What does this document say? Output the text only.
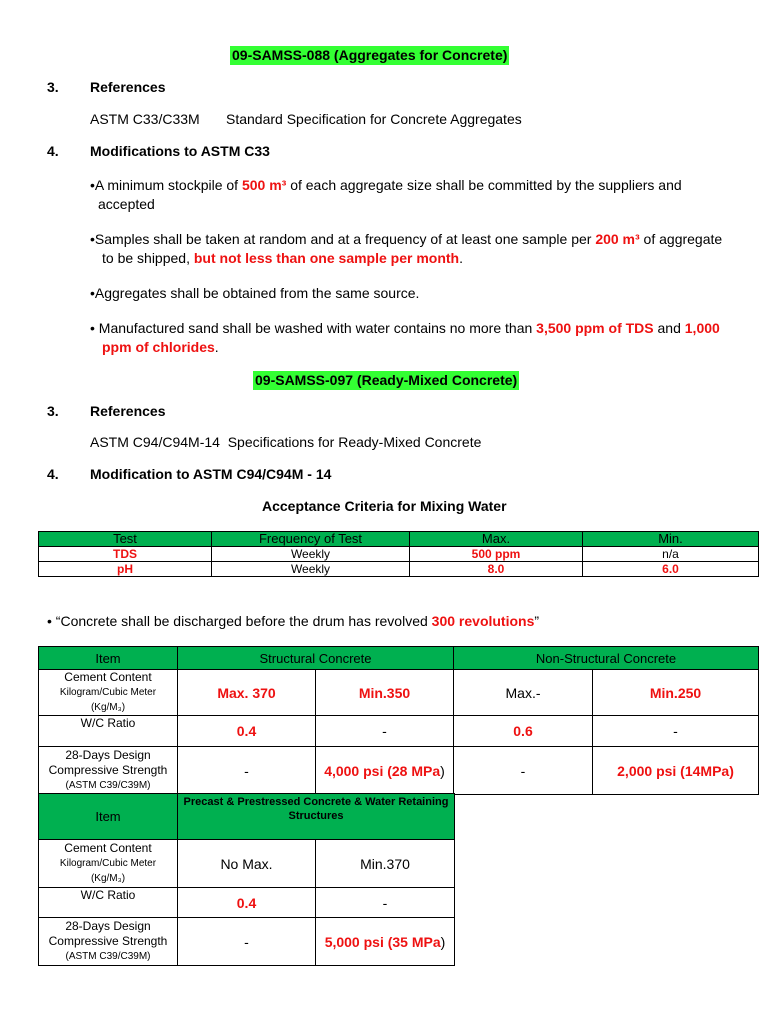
09-SAMSS-088 (Aggregates for Concrete)
3. References
ASTM C33/C33M Standard Specification for Concrete Aggregates
4. Modifications to ASTM C33
•A minimum stockpile of 500 m³ of each aggregate size shall be committed by the suppliers and
accepted
•Samples shall be taken at random and at a frequency of at least one sample per 200 m³ of aggregate
to be shipped, but not less than one sample per month.
•Aggregates shall be obtained from the same source.
• Manufactured sand shall be washed with water contains no more than 3,500 ppm of TDS and 1,000
ppm of chlorides.
09-SAMSS-097 (Ready-Mixed Concrete)
3. References
ASTM C94/C94M-14  Specifications for Ready-Mixed Concrete
4. Modification to ASTM C94/C94M - 14
Acceptance Criteria for Mixing Water
Test	Frequency of Test	Max.	Min.
TDS	Weekly	500 ppm	n/a
pH	Weekly	8.0	6.0
• “Concrete shall be discharged before the drum has revolved 300 revolutions”
Item	Structural Concrete		Non-Structural Concrete	

Cement Content
Kilogram/Cubic Meter
(Kg/M₃)	Max. 370	Min.350	Max.-	Min.250
W/C Ratio	0.4	-	0.6	-

28-Days Design
Compressive Strength
(ASTM C39/C39M)	-	4,000 psi (28 MPa)	-	2,000 psi (14MPa)
Item	Precast & Prestressed Concrete & Water Retaining Structures	

Cement Content
Kilogram/Cubic Meter
(Kg/M₃)	No Max.	Min.370
W/C Ratio	0.4	-

28-Days Design
Compressive Strength
(ASTM C39/C39M)	-	5,000 psi (35 MPa)
